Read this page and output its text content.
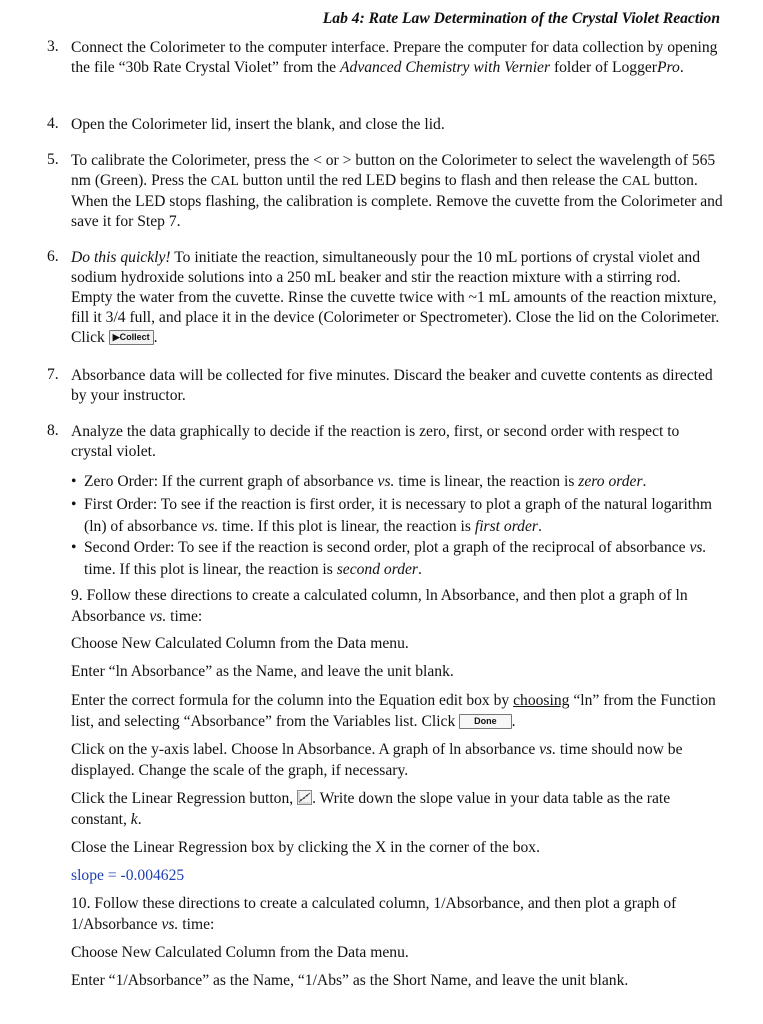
Lab 4: Rate Law Determination of the Crystal Violet Reaction
3. Connect the Colorimeter to the computer interface. Prepare the computer for data collection by opening the file “30b Rate Crystal Violet” from the Advanced Chemistry with Vernier folder of LoggerPro.
4. Open the Colorimeter lid, insert the blank, and close the lid.
5. To calibrate the Colorimeter, press the < or > button on the Colorimeter to select the wavelength of 565 nm (Green). Press the CAL button until the red LED begins to flash and then release the CAL button. When the LED stops flashing, the calibration is complete. Remove the cuvette from the Colorimeter and save it for Step 7.
6. Do this quickly! To initiate the reaction, simultaneously pour the 10 mL portions of crystal violet and sodium hydroxide solutions into a 250 mL beaker and stir the reaction mixture with a stirring rod. Empty the water from the cuvette. Rinse the cuvette twice with ~1 mL amounts of the reaction mixture, fill it 3/4 full, and place it in the device (Colorimeter or Spectrometer). Close the lid on the Colorimeter. Click ▶Collect .
7. Absorbance data will be collected for five minutes. Discard the beaker and cuvette contents as directed by your instructor.
8. Analyze the data graphically to decide if the reaction is zero, first, or second order with respect to crystal violet.
• Zero Order: If the current graph of absorbance vs. time is linear, the reaction is zero order.
• First Order: To see if the reaction is first order, it is necessary to plot a graph of the natural logarithm (ln) of absorbance vs. time. If this plot is linear, the reaction is first order.
• Second Order: To see if the reaction is second order, plot a graph of the reciprocal of absorbance vs. time. If this plot is linear, the reaction is second order.
9. Follow these directions to create a calculated column, ln Absorbance, and then plot a graph of ln Absorbance vs. time:
Choose New Calculated Column from the Data menu.
Enter “ln Absorbance” as the Name, and leave the unit blank.
Enter the correct formula for the column into the Equation edit box by choosing “ln” from the Function list, and selecting “Absorbance” from the Variables list. Click Done .
Click on the y-axis label. Choose ln Absorbance. A graph of ln absorbance vs. time should now be displayed. Change the scale of the graph, if necessary.
Click the Linear Regression button, . Write down the slope value in your data table as the rate constant, k.
Close the Linear Regression box by clicking the X in the corner of the box.
slope = -0.004625
10. Follow these directions to create a calculated column, 1/Absorbance, and then plot a graph of 1/Absorbance vs. time:
Choose New Calculated Column from the Data menu.
Enter “1/Absorbance” as the Name, “1/Abs” as the Short Name, and leave the unit blank.
